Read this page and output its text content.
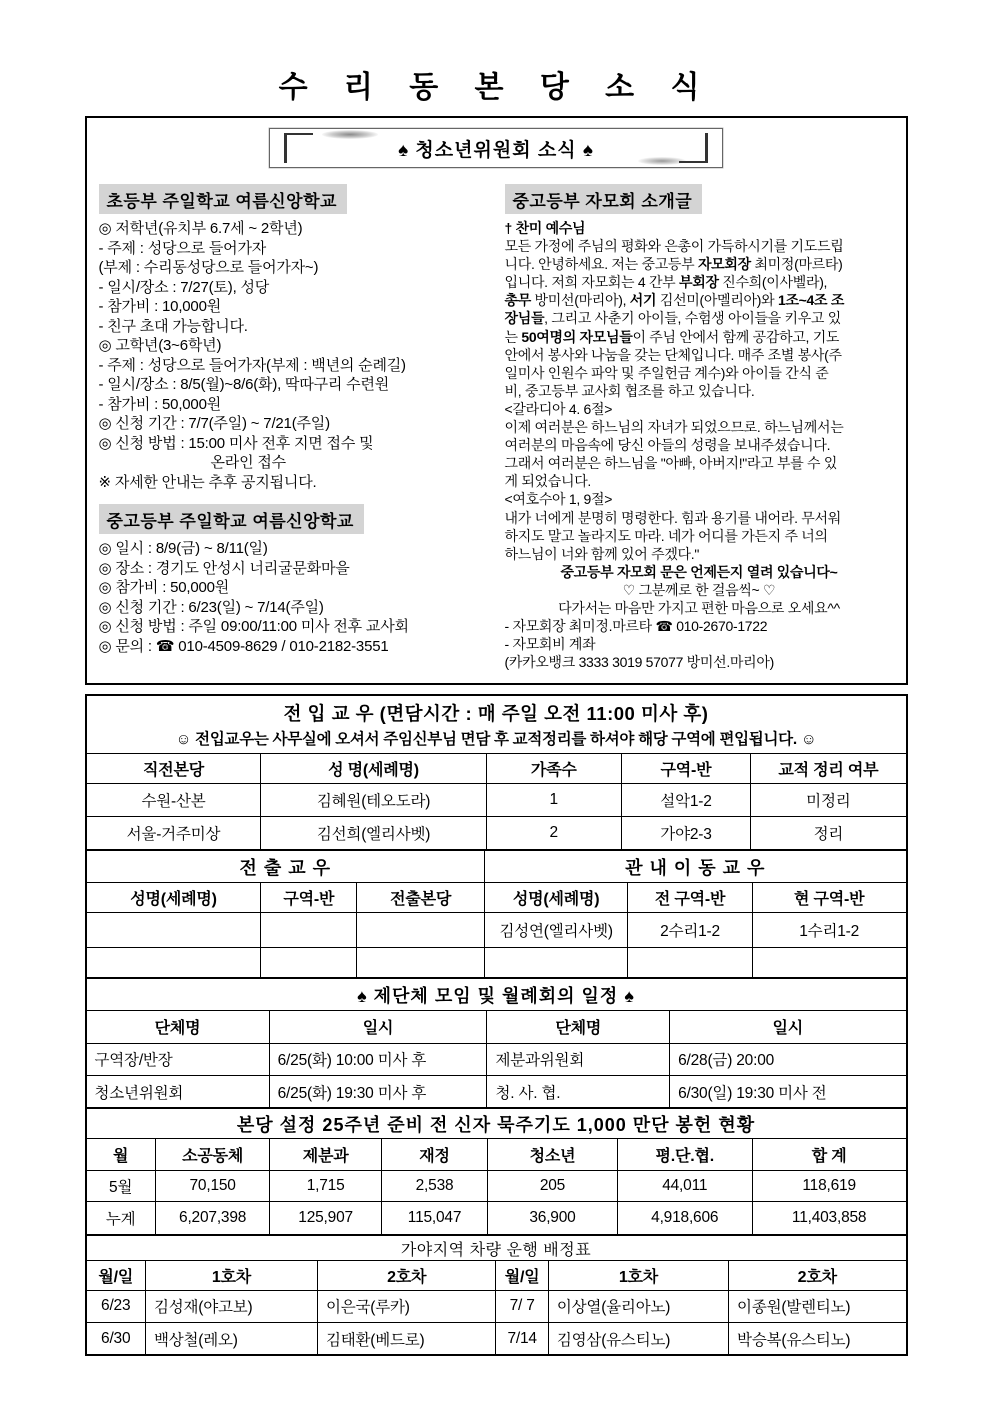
수 리 동 본 당 소 식
♠ 청소년위원회 소식 ♠
초등부 주일학교 여름신앙학교
◎ 저학년(유치부 6.7세 ~ 2학년)
- 주제 : 성당으로 들어가자
(부제 : 수리동성당으로 들어가자~)
- 일시/장소 : 7/27(토), 성당
- 참가비 : 10,000원
- 친구 초대 가능합니다.
◎ 고학년(3~6학년)
- 주제 : 성당으로 들어가자(부제 : 백년의 순례길)
- 일시/장소 : 8/5(월)~8/6(화), 딱따구리 수련원
- 참가비 : 50,000원
◎ 신청 기간 : 7/7(주일) ~ 7/21(주일)
◎ 신청 방법 : 15:00 미사 전후 지면 접수 및
온라인 접수
※ 자세한 안내는 추후 공지됩니다.
중고등부 주일학교 여름신앙학교
◎ 일시 : 8/9(금) ~ 8/11(일)
◎ 장소 : 경기도 안성시 너리굴문화마을
◎ 참가비 : 50,000원
◎ 신청 기간 : 6/23(일) ~ 7/14(주일)
◎ 신청 방법 : 주일 09:00/11:00 미사 전후 교사회
◎ 문의 : ☎ 010-4509-8629 / 010-2182-3551
중고등부 자모회 소개글
† 찬미 예수님
모든 가정에 주님의 평화와 은총이 가득하시기를 기도드립
니다. 안녕하세요. 저는 중고등부 자모회장 최미정(마르타)
입니다. 저희 자모회는 4 간부 부회장 진수희(이사벨라),
총무 방미선(마리아), 서기 김선미(아멜리아)와 1조~4조 조
장님들, 그리고 사춘기 아이들, 수험생 아이들을 키우고 있
는 50여명의 자모님들이 주님 안에서 함께 공감하고, 기도
안에서 봉사와 나눔을 갖는 단체입니다. 매주 조별 봉사(주
일미사 인원수 파악 및 주일헌금 계수)와 아이들 간식 준
비, 중고등부 교사회 협조를 하고 있습니다.
<갈라디아 4. 6절>
이제 여러분은 하느님의 자녀가 되었으므로. 하느님께서는
여러분의 마음속에 당신 아들의 성령을 보내주셨습니다.
그래서 여러분은 하느님을 "아빠, 아버지!"라고 부를 수 있
게 되었습니다.
<여호수아 1, 9절>
내가 너에게 분명히 명령한다. 힘과 용기를 내어라. 무서워
하지도 말고 놀라지도 마라. 네가 어디를 가든지 주 너의
하느님이 너와 함께 있어 주겠다."
중고등부 자모회 문은 언제든지 열려 있습니다~
♡ 그분께로 한 걸음씩~ ♡
다가서는 마음만 가지고 편한 마음으로 오세요^^
- 자모회장 최미정.마르타 ☎ 010-2670-1722
- 자모회비 계좌
(카카오뱅크 3333 3019 57077 방미선.마리아)
전 입 교 우 (면담시간 : 매 주일 오전 11:00 미사 후)
☺ 전입교우는 사무실에 오셔서 주임신부님 면담 후 교적정리를 하셔야 해당 구역에 편입됩니다. ☺				

직전본당	성 명(세례명)	가족수	구역-반	교적 정리 여부
수원-산본	김혜원(테오도라)	1	설악1-2	미정리
서울-거주미상	김선희(엘리사벳)	2	가야2-3	정리
전 출 교 우			관 내 이 동 교 우		
성명(세례명)	구역-반	전출본당	성명(세례명)	전 구역-반	현 구역-반
			김성연(엘리사벳)	2수리1-2	1수리1-2

♠ 제단체 모임 및 월례회의 일정 ♠			
단체명	일시	단체명	일시
구역장/반장	6/25(화) 10:00 미사 후	제분과위원회	6/28(금) 20:00
청소년위원회	6/25(화) 19:30 미사 후	청. 사. 협.	6/30(일) 19:30 미사 전
본당 설정 25주년 준비 전 신자 묵주기도 1,000 만단 봉헌 현황						
월	소공동체	제분과	재정	청소년	평.단.협.	합 계
5월	70,150	1,715	2,538	205	44,011	118,619
누계	6,207,398	125,907	115,047	36,900	4,918,606	11,403,858
가야지역 차량 운행 배정표					
월/일	1호차	2호차	월/일	1호차	2호차
6/23	김성재(야고보)	이은국(루카)	7/ 7	이상열(율리아노)	이종원(발렌티노)
6/30	백상철(레오)	김태환(베드로)	7/14	김영삼(유스티노)	박승복(유스티노)
